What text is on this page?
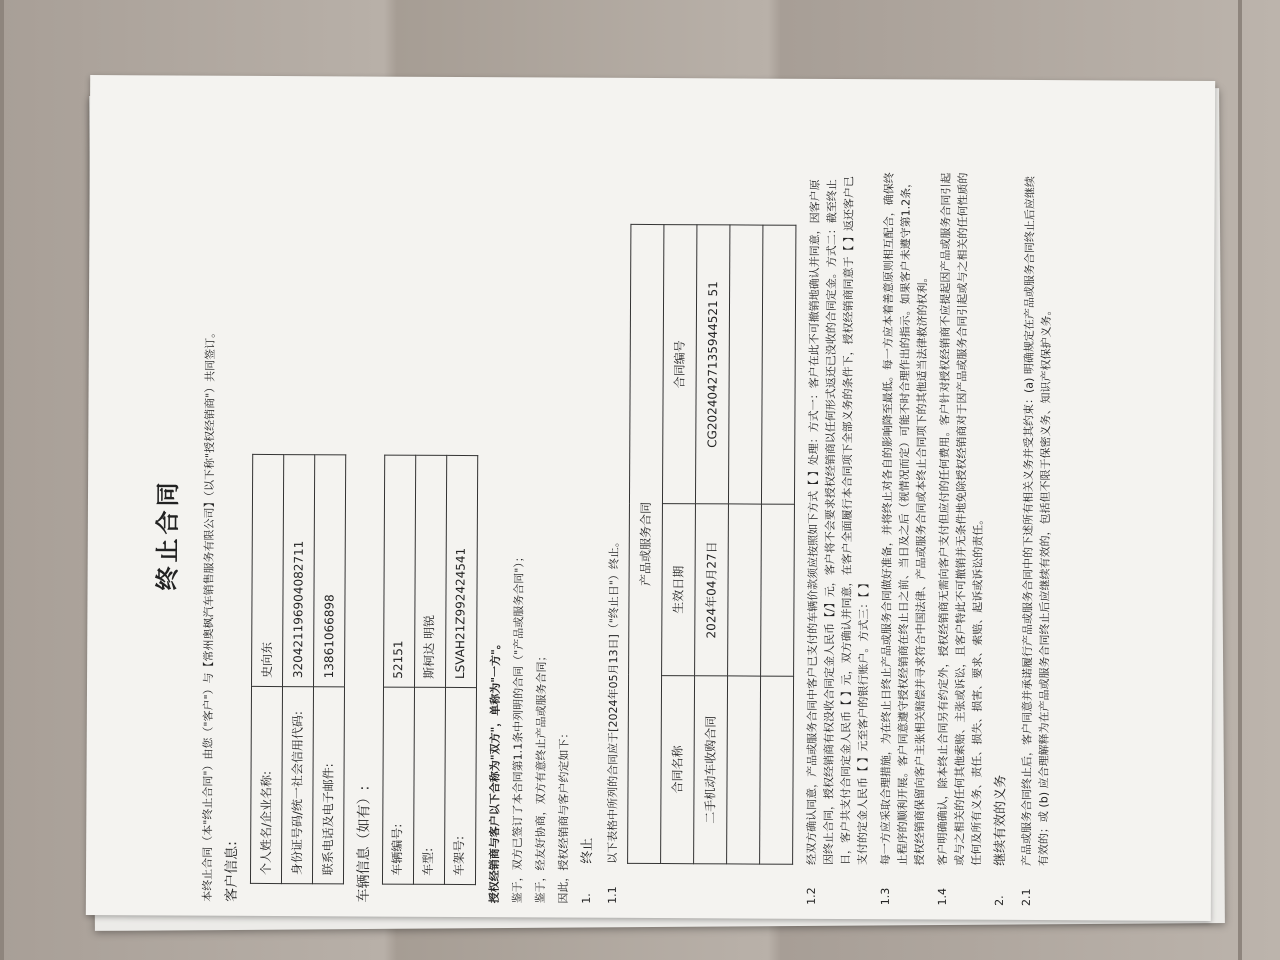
终止合同	本终止合同（本"终止合同"）由您（"客户"）与【常州奥枫汽车销售服务有限公司】（以下称"授权经销商"）共同签订。 客户信息:	个人姓名/企业名称:	史向东
身份证号码/统一社会信用代码:	320421196904082711
联系电话及电子邮件:	13861066898
车辆信息（如有）:	车辆编号:	52151
车型:	斯柯达 明锐
车架号:	LSVAH21Z992424541

授权经销商与客户以下合称为"双方"，单称为"一方"。 鉴于，双方已签订了本合同第1.1条中列明的合同（"产品或服务合同"）； 鉴于，经友好协商，双方有意终止产品或服务合同； 因此，授权经销商与客户约定如下： 1.
终止
1.1
以下表格中所列的合同应于[2024年05月13日]（"终止日"）终止。	产品或服务合同		
合同名称	生效日期	合同编号
二手机动车收购合同	2024年04月27日	CG20240427135944521 51

1.2
经双方确认同意，产品或服务合同中客户已支付的车辆价款须应按照如下方式【 】处理：方式一：客户在此不可撤销地确认并同意，因客户原因终止合同，授权经销商有权没收合同定金人民币【/】元，客户将不会要求授权经销商以任何形式返还已没收的合同定金。方式二：截至终止日，客户共支付合同定金人民币【 】元，双方确认并同意，在客户全面履行本合同项下全部义务的条件下，授权经销商同意于【 】返还客户已支付的定金人民币【 】元至客户的银行账户。方式三：【 】
1.3
每一方应采取合理措施，为在终止日终止产品或服务合同做好准备，并将终止对各自的影响降至最低。每一方应本着善意原则相互配合，确保终止程序的顺利开展。客户同意遵守授权经销商在终止日之前、当日及之后（视情况而定）可能不时合理作出的指示。如果客户未遵守第1.2条，授权经销商保留向客户主张相关赔偿并寻求符合中国法律、产品或服务合同或本终止合同项下的其他适当法律救济的权利。
1.4
客户明确确认，除本终止合同另有约定外，授权经销商无需向客户支付但应付的任何费用。客户针对授权经销商不应提起因产品或服务合同引起或与之相关的任何其他索赔、主张或诉讼，且客户特此不可撤销并无条件地免除授权经销商对于因产品或服务合同引起或与之相关的任何性质的任何及所有义务、责任、损失、损害、要求、索赔、起诉或诉讼的责任。
2.
继续有效的义务
2.1
产品或服务合同终止后，客户同意并承诺履行产品或服务合同中的下述所有相关义务并受其约束：(a) 明确规定在产品或服务合同终止后应继续有效的；或 (b) 应合理解释为在产品或服务合同终止后应继续有效的，包括但不限于保密义务、知识产权保护义务。
